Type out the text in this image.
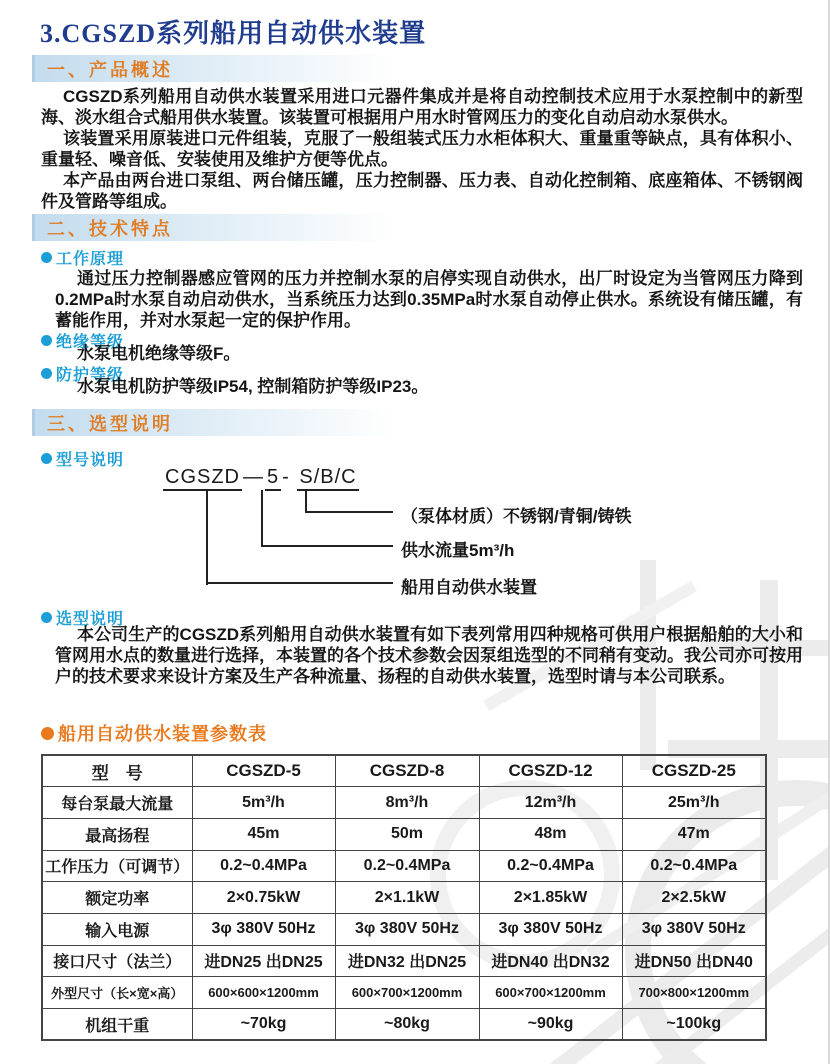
3.CGSZD系列船用自动供水装置
一、产品概述

CGSZD系列船用自动供水装置采用进口元器件集成并是将自动控制技术应用于水泵控制中的新型海、淡水组合式船用供水装置。该装置可根据用户用水时管网压力的变化自动启动水泵供水。

该装置采用原装进口元件组装，克服了一般组装式压力水柜体积大、重量重等缺点，具有体积小、重量轻、噪音低、安装使用及维护方便等优点。

本产品由两台进口泵组、两台储压罐，压力控制器、压力表、自动化控制箱、底座箱体、不锈钢阀件及管路等组成。

二、技术特点
工作原理

通过压力控制器感应管网的压力并控制水泵的启停实现自动供水，出厂时设定为当管网压力降到0.2MPa时水泵自动启动供水，当系统压力达到0.35MPa时水泵自动停止供水。系统设有储压罐，有蓄能作用，并对水泵起一定的保护作用。

绝缘等级
水泵电机绝缘等级F。
防护等级
水泵电机防护等级IP54, 控制箱防护等级IP23。
三、选型说明
型号说明
CGSZD — 5 - S/B/C
（泵体材质）不锈钢/青铜/铸铁
供水流量5m³/h
船用自动供水装置
选型说明

本公司生产的CGSZD系列船用自动供水装置有如下表列常用四种规格可供用户根据船舶的大小和管网用水点的数量进行选择，本装置的各个技术参数会因泵组选型的不同稍有变动。我公司亦可按用户的技术要求来设计方案及生产各种流量、扬程的自动供水装置，选型时请与本公司联系。

船用自动供水装置参数表
型　号	CGSZD-5	CGSZD-8	CGSZD-12	CGSZD-25
每台泵最大流量	5m³/h	8m³/h	12m³/h	25m³/h
最高扬程	45m	50m	48m	47m
工作压力（可调节）	0.2~0.4MPa	0.2~0.4MPa	0.2~0.4MPa	0.2~0.4MPa
额定功率	2×0.75kW	2×1.1kW	2×1.85kW	2×2.5kW
输入电源	3φ 380V 50Hz	3φ 380V 50Hz	3φ 380V 50Hz	3φ 380V 50Hz
接口尺寸（法兰）	进DN25 出DN25	进DN32 出DN25	进DN40 出DN32	进DN50 出DN40
外型尺寸（长×宽×高）	600×600×1200mm	600×700×1200mm	600×700×1200mm	700×800×1200mm
机组干重	~70kg	~80kg	~90kg	~100kg
